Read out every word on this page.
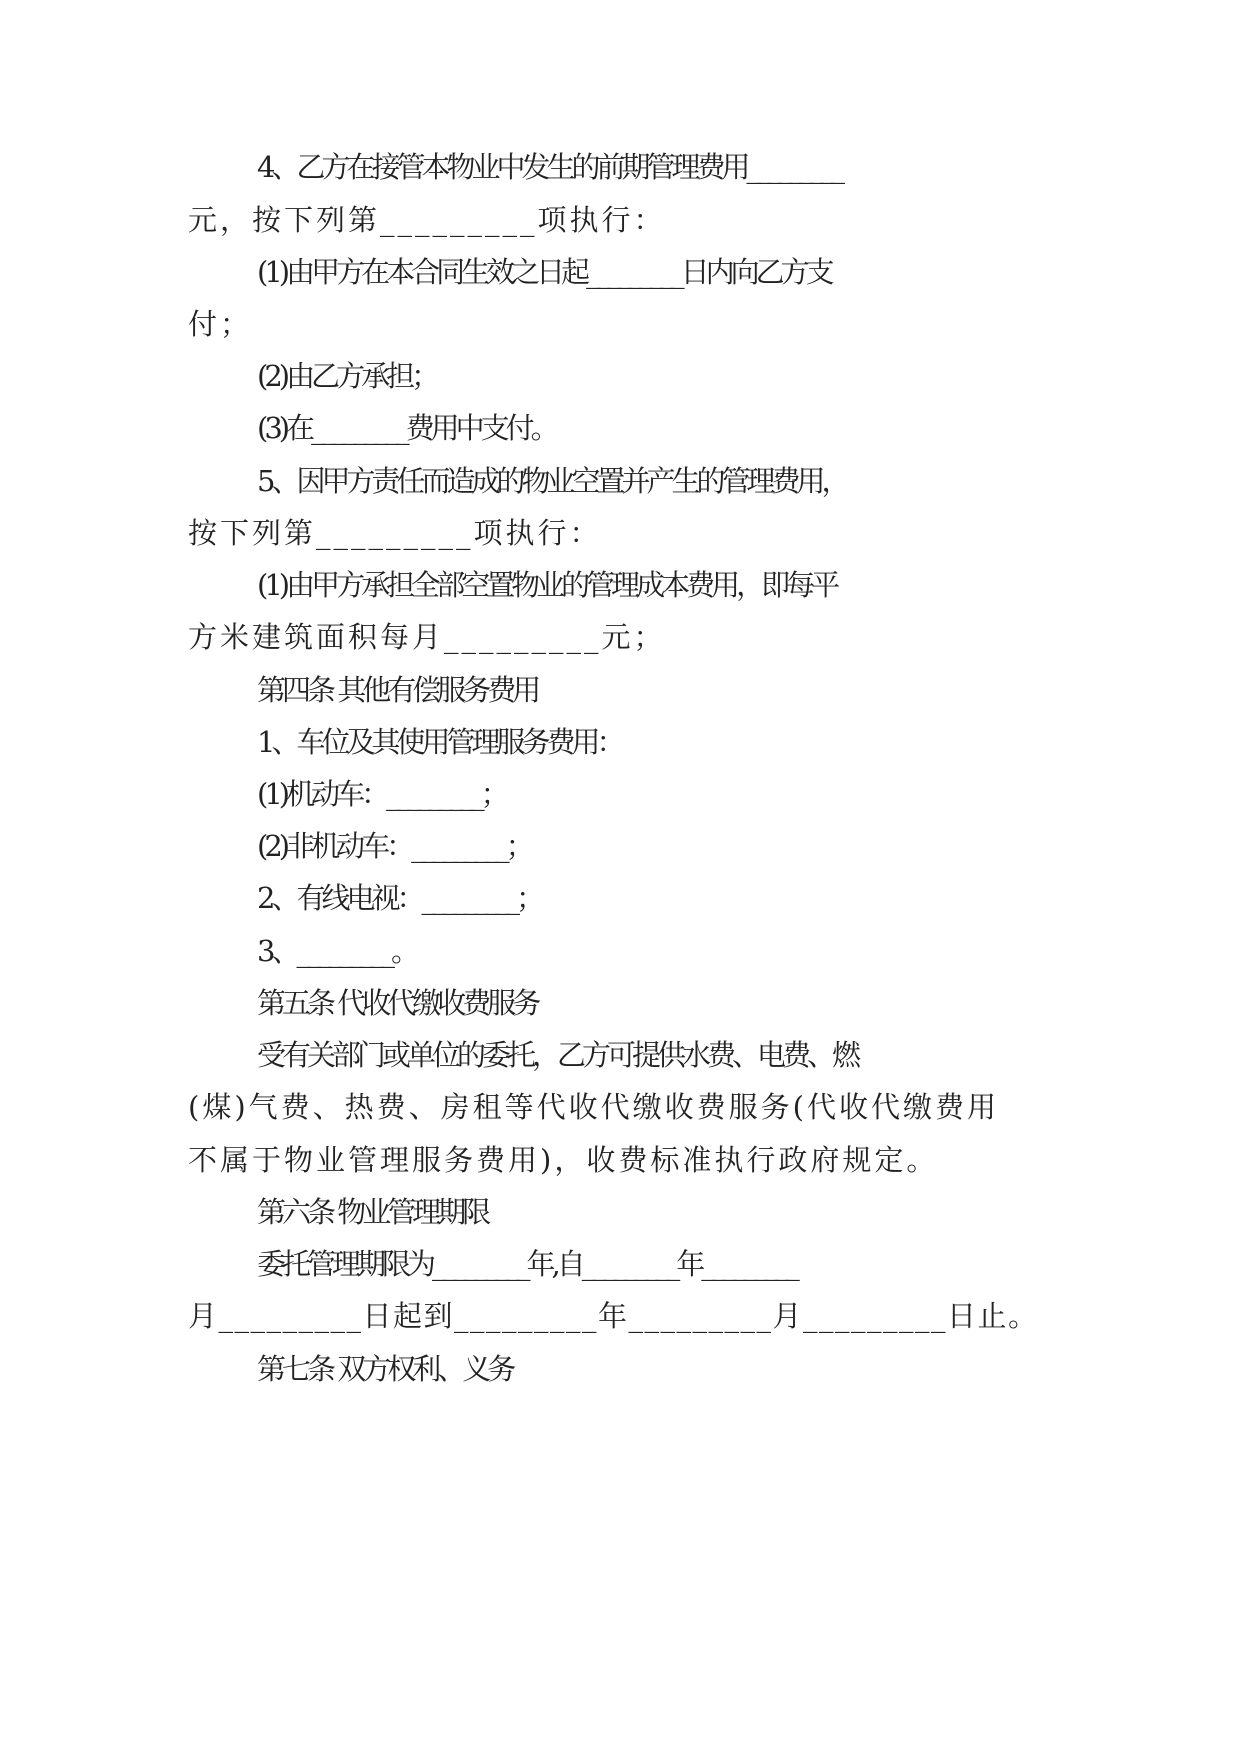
4、乙方在接管本物业中发生的前期管理费用_________
元，按下列第_________项执行：
(1)由甲方在本合同生效之日起_________日内向乙方支
付；
(2)由乙方承担；
(3)在_________费用中支付。
5、因甲方责任而造成的物业空置并产生的管理费用，
按下列第_________项执行：
(1)由甲方承担全部空置物业的管理成本费用，即每平
方米建筑面积每月_________元；
第四条 其他有偿服务费用
1、车位及其使用管理服务费用：
(1)机动车：_________；
(2)非机动车：_________；
2、有线电视：_________；
3、_________。
第五条 代收代缴收费服务
受有关部门或单位的委托，乙方可提供水费、电费、燃
(煤)气费、热费、房租等代收代缴收费服务(代收代缴费用
不属于物业管理服务费用)，收费标准执行政府规定。
第六条 物业管理期限
委托管理期限为_________年,自_________年_________
月_________日起到_________年_________月_________日止。
第七条 双方权利、义务
